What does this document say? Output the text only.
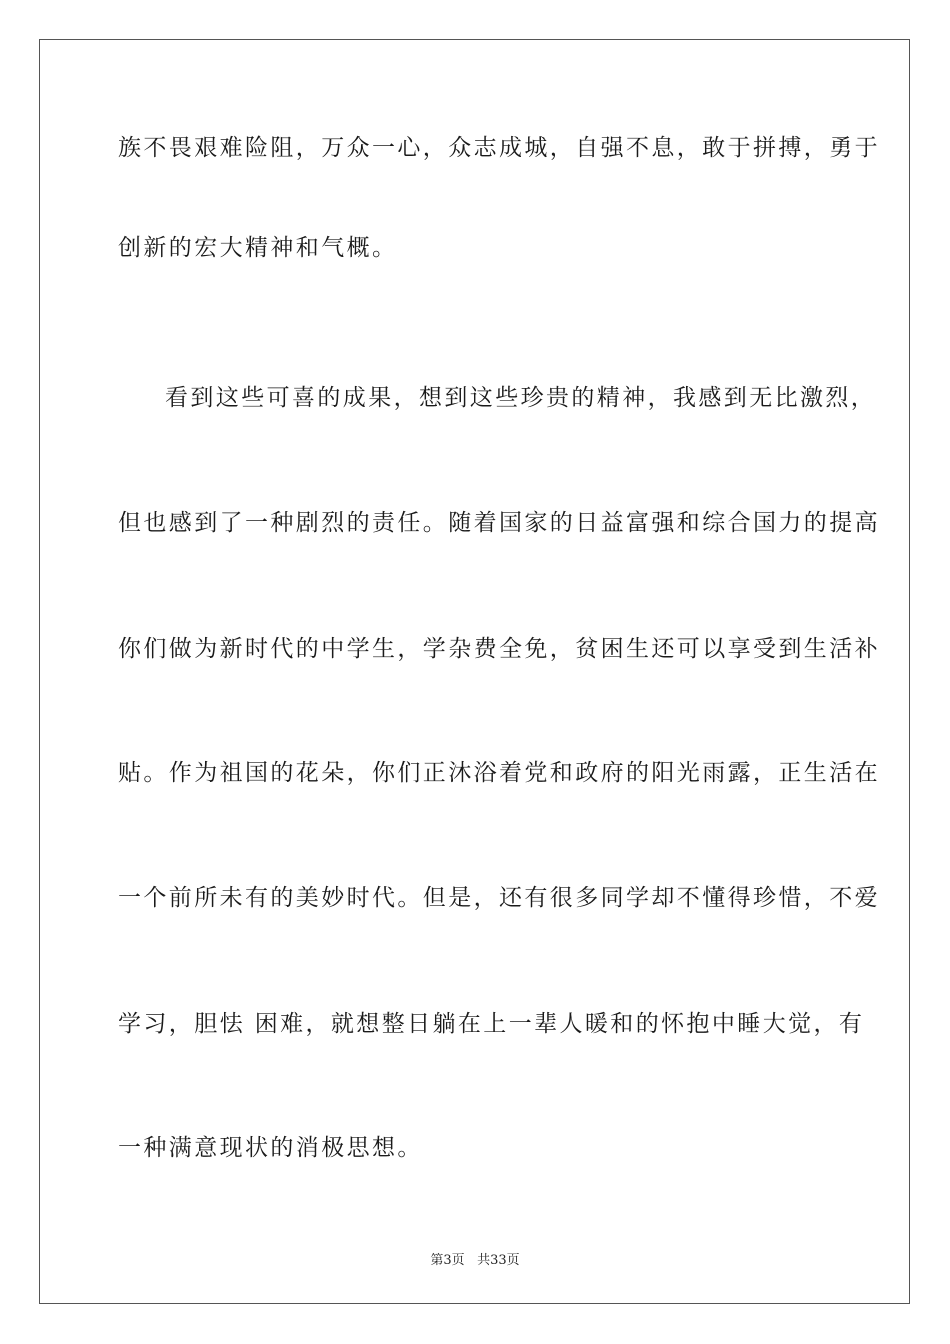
族不畏艰难险阻，万众一心，众志成城，自强不息，敢于拼搏，勇于
创新的宏大精神和气概。
看到这些可喜的成果，想到这些珍贵的精神，我感到无比激烈，
但也感到了一种剧烈的责任。随着国家的日益富强和综合国力的提高
你们做为新时代的中学生，学杂费全免，贫困生还可以享受到生活补
贴。作为祖国的花朵，你们正沐浴着党和政府的阳光雨露，正生活在
一个前所未有的美妙时代。但是，还有很多同学却不懂得珍惜，不爱
学习，胆怯 困难，就想整日躺在上一辈人暖和的怀抱中睡大觉，有
一种满意现状的消极思想。
第3页 共33页
